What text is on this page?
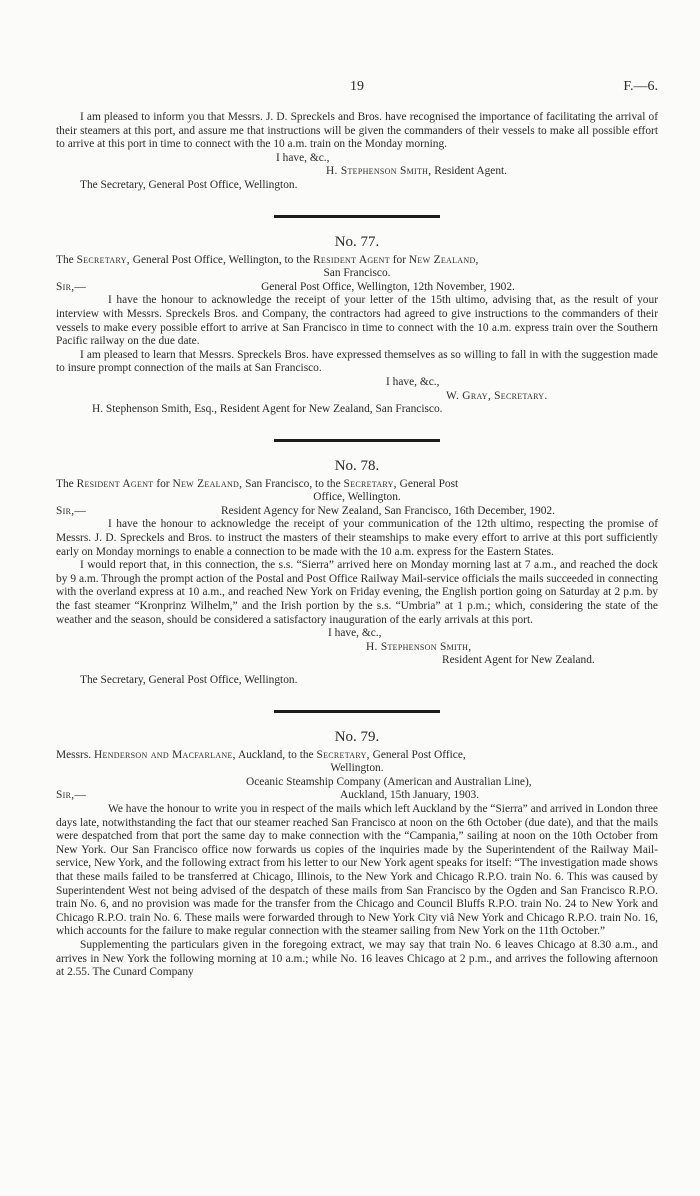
19	F.—6.

I am pleased to inform you that Messrs. J. D. Spreckels and Bros. have recognised the importance of facilitating the arrival of their steamers at this port, and assure me that instructions will be given the commanders of their vessels to make all possible effort to arrive at this port in time to connect with the 10 a.m. train on the Monday morning.

I have, &c.,

H. Stephenson Smith, Resident Agent.

The Secretary, General Post Office, Wellington.

No. 77.

The Secretary, General Post Office, Wellington, to the Resident Agent for New Zealand,

San Francisco.

Sir,—	General Post Office, Wellington, 12th November, 1902.

I have the honour to acknowledge the receipt of your letter of the 15th ultimo, advising that, as the result of your interview with Messrs. Spreckels Bros. and Company, the contractors had agreed to give instructions to the commanders of their vessels to make every possible effort to arrive at San Francisco in time to connect with the 10 a.m. express train over the Southern Pacific railway on the due date.

I am pleased to learn that Messrs. Spreckels Bros. have expressed themselves as so willing to fall in with the suggestion made to insure prompt connection of the mails at San Francisco.

I have, &c.,

W. Gray, Secretary.

H. Stephenson Smith, Esq., Resident Agent for New Zealand, San Francisco.

No. 78.

The Resident Agent for New Zealand, San Francisco, to the Secretary, General Post

Office, Wellington.

Sir,—	Resident Agency for New Zealand, San Francisco, 16th December, 1902.

I have the honour to acknowledge the receipt of your communication of the 12th ultimo, respecting the promise of Messrs. J. D. Spreckels and Bros. to instruct the masters of their steamships to make every effort to arrive at this port sufficiently early on Monday mornings to enable a connection to be made with the 10 a.m. express for the Eastern States.

I would report that, in this connection, the s.s. “Sierra” arrived here on Monday morning last at 7 a.m., and reached the dock by 9 a.m. Through the prompt action of the Postal and Post Office Railway Mail-service officials the mails succeeded in connecting with the overland express at 10 a.m., and reached New York on Friday evening, the English portion going on Saturday at 2 p.m. by the fast steamer “Kronprinz Wilhelm,” and the Irish portion by the s.s. “Umbria” at 1 p.m.; which, considering the state of the weather and the season, should be considered a satisfactory inauguration of the early arrivals at this port.

I have, &c.,

H. Stephenson Smith,

Resident Agent for New Zealand.

The Secretary, General Post Office, Wellington.

No. 79.

Messrs. Henderson and Macfarlane, Auckland, to the Secretary, General Post Office,

Wellington.

Oceanic Steamship Company (American and Australian Line),

Sir,—	Auckland, 15th January, 1903.

We have the honour to write you in respect of the mails which left Auckland by the “Sierra” and arrived in London three days late, notwithstanding the fact that our steamer reached San Francisco at noon on the 6th October (due date), and that the mails were despatched from that port the same day to make connection with the “Campania,” sailing at noon on the 10th October from New York. Our San Francisco office now forwards us copies of the inquiries made by the Superintendent of the Railway Mail-service, New York, and the following extract from his letter to our New York agent speaks for itself: “The investigation made shows that these mails failed to be transferred at Chicago, Illinois, to the New York and Chicago R.P.O. train No. 6. This was caused by Superintendent West not being advised of the despatch of these mails from San Francisco by the Ogden and San Francisco R.P.O. train No. 6, and no provision was made for the transfer from the Chicago and Council Bluffs R.P.O. train No. 24 to New York and Chicago R.P.O. train No. 6. These mails were forwarded through to New York City viâ New York and Chicago R.P.O. train No. 16, which accounts for the failure to make regular connection with the steamer sailing from New York on the 11th October.”

Supplementing the particulars given in the foregoing extract, we may say that train No. 6 leaves Chicago at 8.30 a.m., and arrives in New York the following morning at 10 a.m.; while No. 16 leaves Chicago at 2 p.m., and arrives the following afternoon at 2.55. The Cunard Company
